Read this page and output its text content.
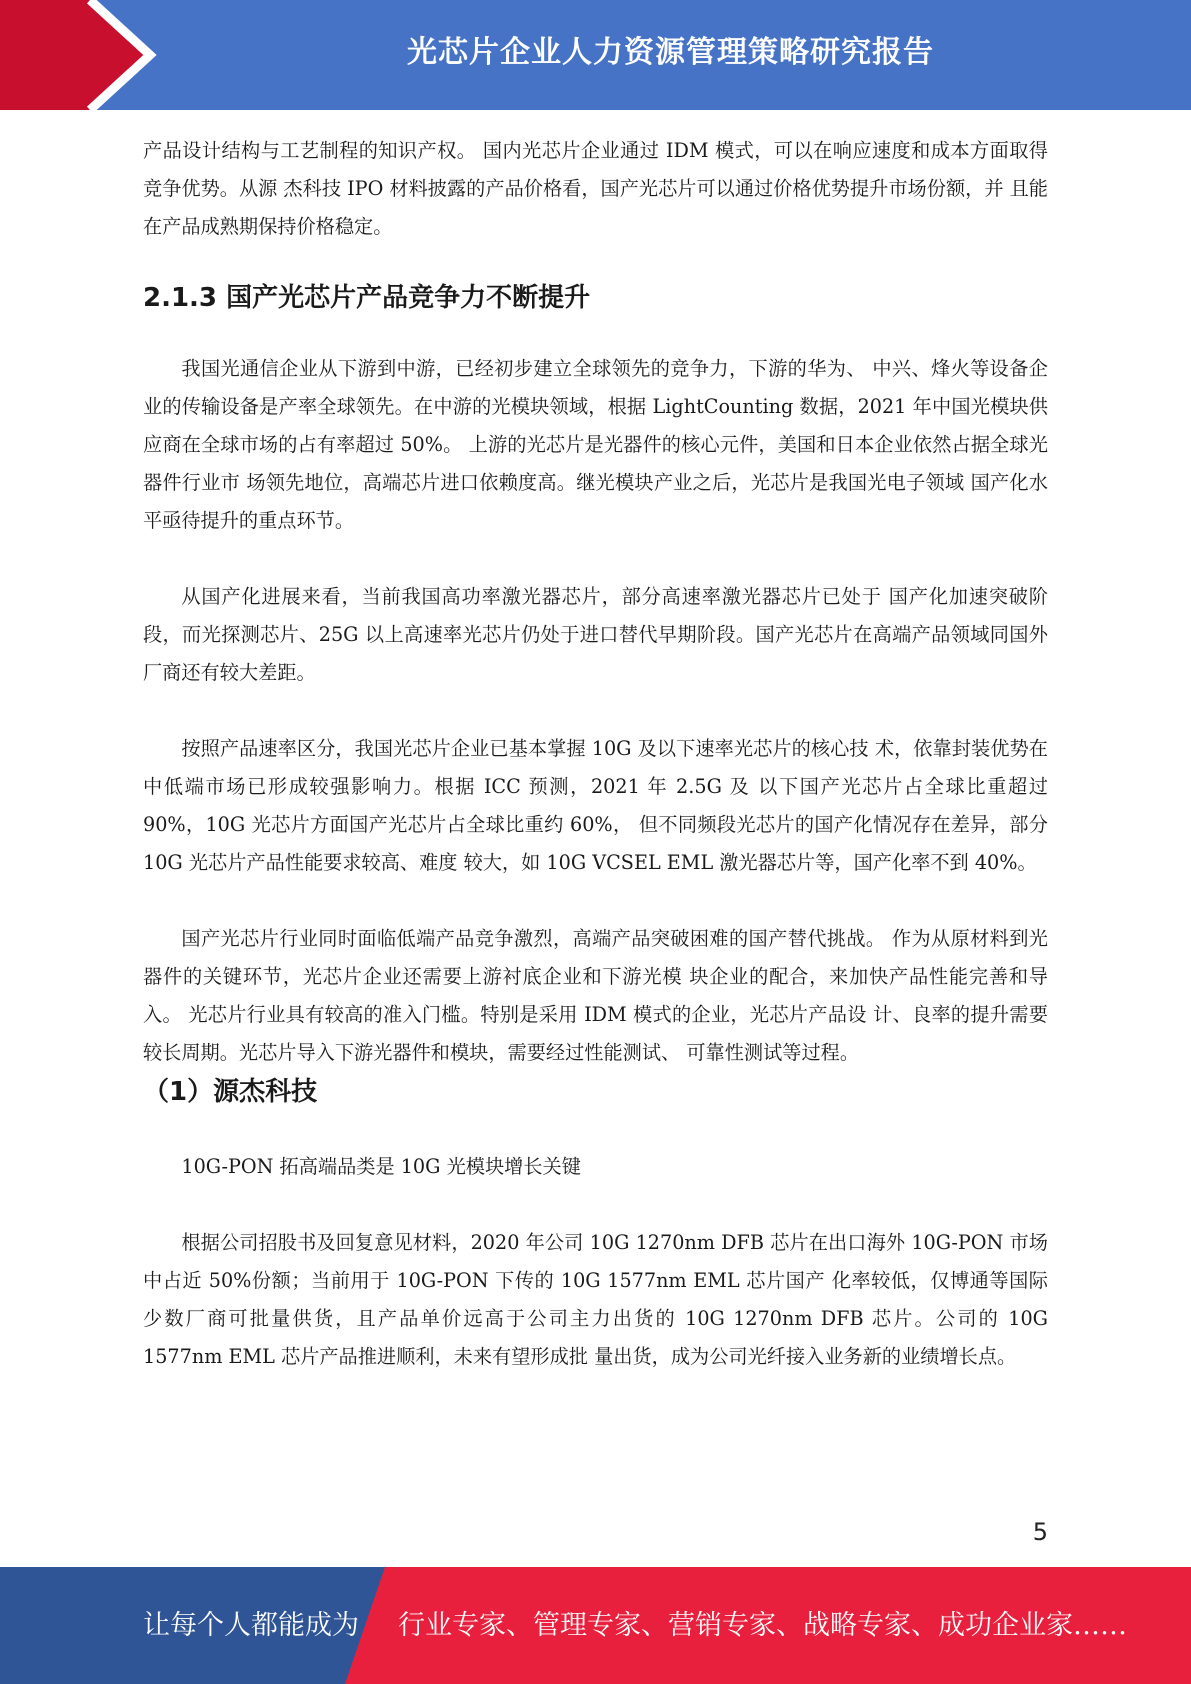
光芯片企业人力资源管理策略研究报告

产品设计结构与工艺制程的知识产权。 国内光芯片企业通过 IDM 模式，可以在响应速度和成本方面取得竞争优势。从源 杰科技 IPO 材料披露的产品价格看，国产光芯片可以通过价格优势提升市场份额，并 且能在产品成熟期保持价格稳定。

2.1.3 国产光芯片产品竞争力不断提升

我国光通信企业从下游到中游，已经初步建立全球领先的竞争力，下游的华为、 中兴、烽火等设备企业的传输设备是产率全球领先。在中游的光模块领域，根据 LightCounting 数据，2021 年中国光模块供应商在全球市场的占有率超过 50%。 上游的光芯片是光器件的核心元件，美国和日本企业依然占据全球光器件行业市 场领先地位，高端芯片进口依赖度高。继光模块产业之后，光芯片是我国光电子领域 国产化水平亟待提升的重点环节。

从国产化进展来看，当前我国高功率激光器芯片，部分高速率激光器芯片已处于 国产化加速突破阶段，而光探测芯片、25G 以上高速率光芯片仍处于进口替代早期阶段。国产光芯片在高端产品领域同国外厂商还有较大差距。

按照产品速率区分，我国光芯片企业已基本掌握 10G 及以下速率光芯片的核心技 术，依靠封装优势在中低端市场已形成较强影响力。根据 ICC 预测，2021 年 2.5G 及 以下国产光芯片占全球比重超过 90%，10G 光芯片方面国产光芯片占全球比重约 60%， 但不同频段光芯片的国产化情况存在差异，部分 10G 光芯片产品性能要求较高、难度 较大，如 10G VCSEL EML 激光器芯片等，国产化率不到 40%。

国产光芯片行业同时面临低端产品竞争激烈，高端产品突破困难的国产替代挑战。 作为从原材料到光器件的关键环节，光芯片企业还需要上游衬底企业和下游光模 块企业的配合，来加快产品性能完善和导入。 光芯片行业具有较高的准入门槛。特别是采用 IDM 模式的企业，光芯片产品设 计、良率的提升需要较长周期。光芯片导入下游光器件和模块，需要经过性能测试、 可靠性测试等过程。

（1）源杰科技

10G-PON 拓高端品类是 10G 光模块增长关键

根据公司招股书及回复意见材料，2020 年公司 10G 1270nm DFB 芯片在出口海外 10G-PON 市场中占近 50%份额；当前用于 10G-PON 下传的 10G 1577nm EML 芯片国产 化率较低，仅博通等国际少数厂商可批量供货，且产品单价远高于公司主力出货的 10G 1270nm DFB 芯片。公司的 10G 1577nm EML 芯片产品推进顺利，未来有望形成批 量出货，成为公司光纤接入业务新的业绩增长点。

5
让每个人都能成为 行业专家、管理专家、营销专家、战略专家、成功企业家……
